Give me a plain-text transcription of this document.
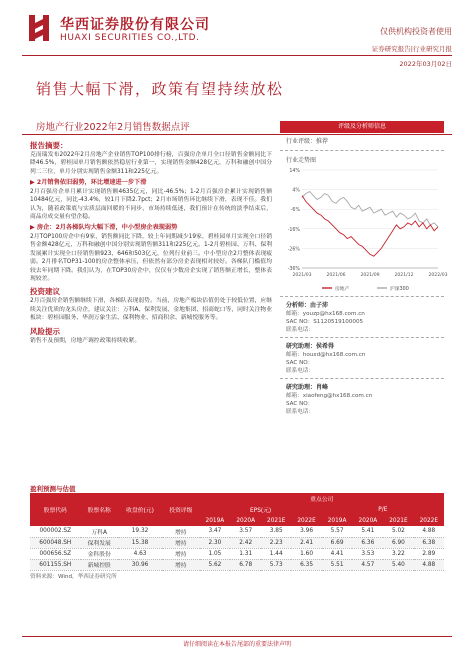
华西证券股份有限公司
HUAXI SECURITIES CO.,LTD.
仅供机构投资者使用
证券研究报告|行业研究月报
2022年03月02日
销售大幅下滑，政策有望持续放松
房地产行业2022年2月销售数据点评
报告摘要：
克而瑞发布2022年2月房地产企业销售TOP100排行榜，百强房企单月全口径销售金额同比下降46.5%，碧桂园单月销售额依然稳居行业第一，实现销售金额428亿元，万科和融创中国分列二三位，单月分别实现销售金额311和225亿元。
▶ 2月销售依旧弱势，环比增速进一步下滑
2月百强房企单月累计实现销售额4635亿元，同比-46.5%；1-2月百强房企累计实现销售额10484亿元，同比-43.4%，较1月下降2.7pct；2月市场销售环比继续下滑，表现不佳。我们认为，随着政策底与实质层面回暖的不同步，市场持续低迷，我们预计在传统的淡季结束后，商品房成交量有望企稳。
▶ 房企：2月各梯队均大幅下滑，中小型房企表现弱势
2月TOP100房企中有9家，销售额同比下降，较上年同期减少19家，碧桂园单月实现全口径销售金额428亿元，万科和融创中国分别实现销售额311和225亿元。1-2月碧桂园、万科、保利发展累计实现全口径销售额923、646和503亿元，位列行业前三。中小型房企2月整体表现疲弱。2月排名TOP31-100的房企整体承压，但依然有部分房企表现相对较好。各梯队门槛值均较去年同期下降。我们认为，在TOP30房企中，仅仅有少数房企实现了销售额正增长，整体表现较差。
投资建议
2月百强房企销售额继续下滑，各梯队表现弱势。当前，房地产板块估值仍处于较低位置，应继续关注优质的龙头房企，建议关注：万科A、保利发展、金地集团、招商蛇口等，同时关注物业板块：碧桂园服务、华润万象生活、保利物业、招商积余、新城悦服务等。
风险提示
销售不及预期，房地产调控政策持续收紧。
评级及分析师信息
行业评级：推荐
行业走势图
14%
4%
-6%
-16%
-26%
-36%
2021/03	2021/06	2021/09	2021/12	2022/03
房地产	沪深300
分析师：由子沛
邮箱：youzp@hx168.com.cn
SAC NO：S1120519100005
联系电话：
研究助理：侯希得
邮箱：houxd@hx168.com.cn
SAC NO：
联系电话：
研究助理：肖峰
邮箱：xiaofeng@hx168.com.cn
SAC NO：
联系电话：
盈利预测与估值
				重点公司							
股票代码	股票名称	收盘价(元)	投资评级	EPS(元)				P/E			
				2019A	2020A	2021E	2022E	2019A	2020A	2021E	2022E
000002.SZ	万科A	19.32	增持	3.47	3.57	3.85	3.96	5.57	5.41	5.02	4.88
600048.SH	保利发展	15.38	增持	2.30	2.42	2.23	2.41	6.69	6.36	6.90	6.38
000656.SZ	金科股份	4.63	增持	1.05	1.31	1.44	1.60	4.41	3.53	3.22	2.89
601155.SH	新城控股	30.96	增持	5.62	6.78	5.73	6.35	5.51	4.57	5.40	4.88
资料来源：Wind，华西证券研究所
请仔细阅读在本报告尾部的重要法律声明
